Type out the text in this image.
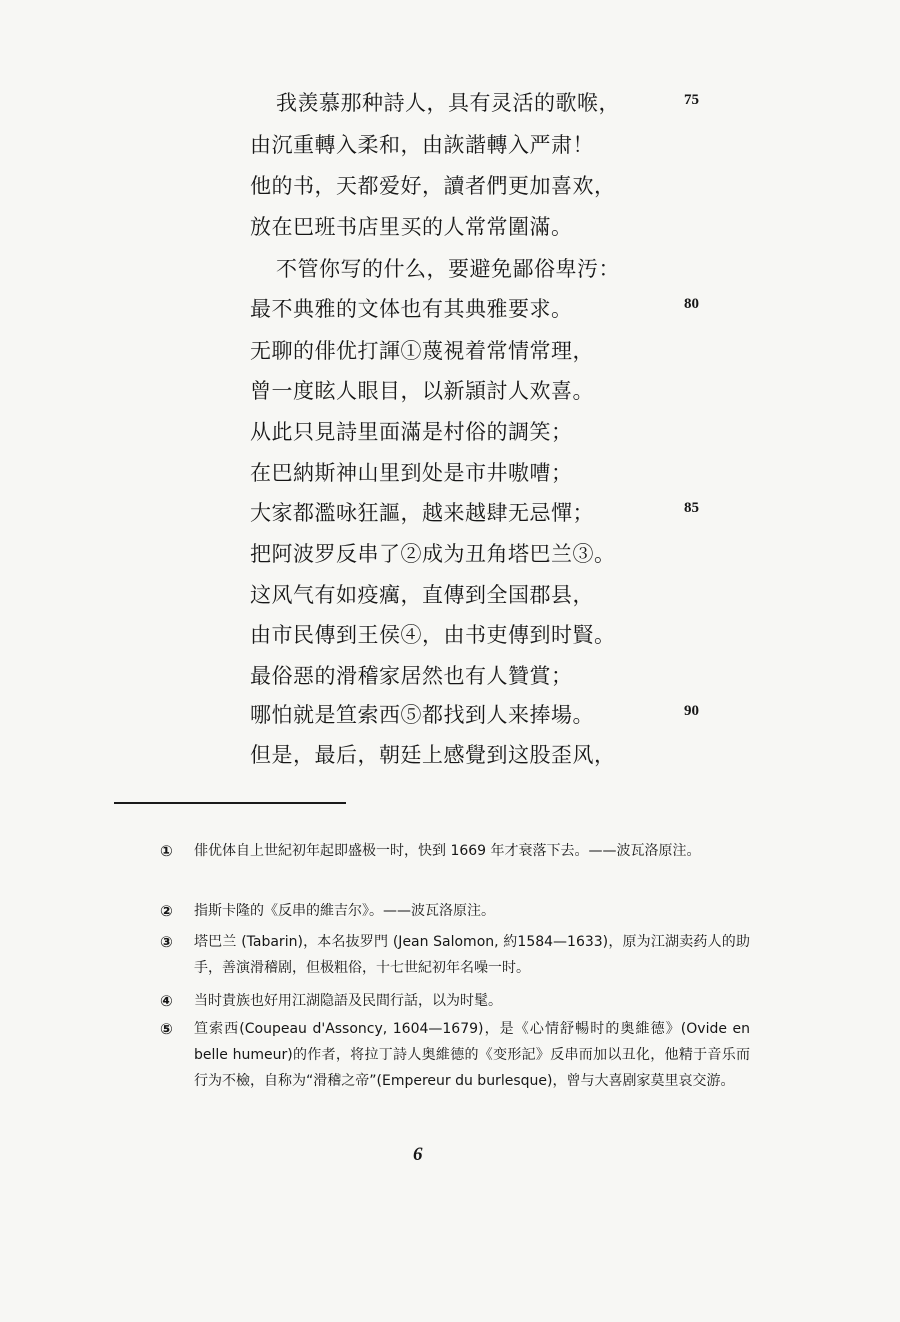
我羡慕那种詩人，具有灵活的歌喉，
由沉重轉入柔和，由詼諧轉入严肃！
他的书，天都爱好，讀者們更加喜欢，
放在巴班书店里买的人常常圍滿。
不管你写的什么，要避免鄙俗卑汚：
最不典雅的文体也有其典雅要求。
无聊的俳优打諢①蔑視着常情常理，
曾一度眩人眼目，以新頴討人欢喜。
从此只見詩里面滿是村俗的調笑；
在巴納斯神山里到处是市井嗷嘈；
大家都濫咏狂謳，越来越肆无忌憚；
把阿波罗反串了②成为丑角塔巴兰③。
这风气有如疫癘，直傳到全国郡县，
由市民傳到王侯④，由书吏傳到时賢。
最俗惡的滑稽家居然也有人贊賞；
哪怕就是笪索西⑤都找到人来捧場。
但是，最后，朝廷上感覺到这股歪风，
75
80
85
90
① 俳优体自上世紀初年起即盛极一时，快到 1669 年才衰落下去。——波瓦洛原注。
② 指斯卡隆的《反串的維吉尔》。——波瓦洛原注。
③ 塔巴兰 (Tabarin)，本名抜罗門 (Jean Salomon, 約1584—1633)，原为江湖卖药人的助手，善演滑稽剧，但极粗俗，十七世紀初年名噪一时。
④ 当时貴族也好用江湖隐語及民間行話，以为时髦。
⑤ 笪索西(Coupeau d'Assoncy, 1604—1679)，是《心情舒暢时的奥維德》(Ovide en belle humeur)的作者，将拉丁詩人奥維德的《变形記》反串而加以丑化，他精于音乐而行为不檢，自称为“滑稽之帝”(Empereur du burlesque)，曾与大喜剧家莫里哀交游。
6
